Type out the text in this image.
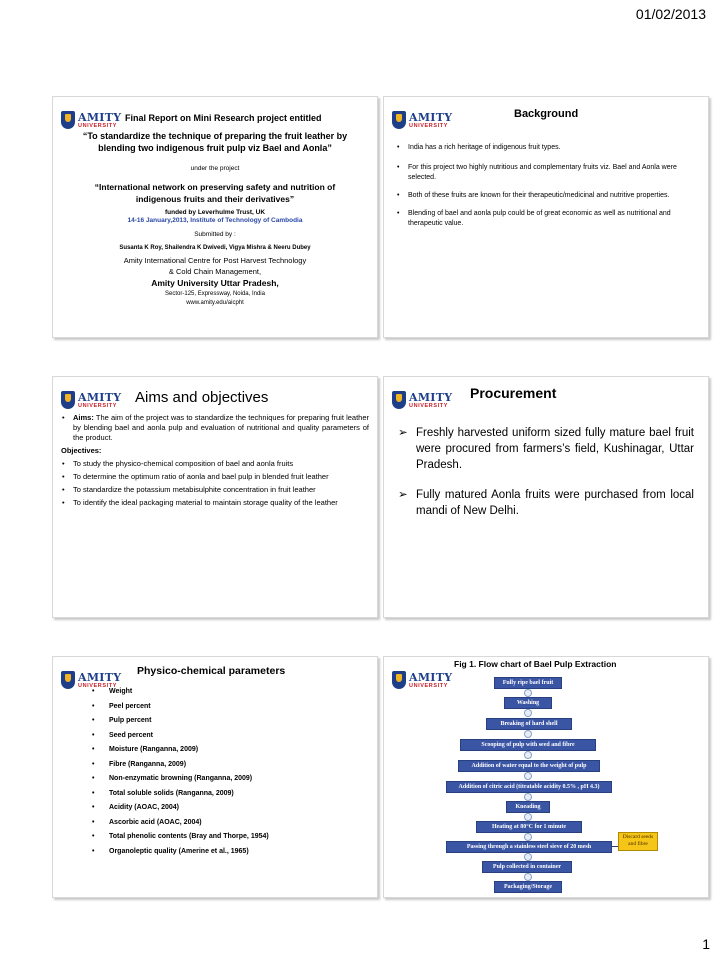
01/02/2013
AMITY
UNIVERSITY
Final Report on Mini Research project entitled
“To standardize the technique of preparing the fruit leather by blending two indigenous fruit pulp viz Bael and Aonla”
under the project
“International network on preserving safety and nutrition of indigenous fruits and their derivatives”
funded by Leverhulme Trust, UK
14-16 January,2013, Institute of Technology of Cambodia
Submitted by :
Susanta K Roy, Shailendra K Dwivedi, Vigya Mishra & Neeru Dubey
Amity International Centre for Post Harvest Technology
& Cold Chain Management,
Amity University Uttar Pradesh,
Sector-125, Expressway, Noida, India
www.amity.edu/aicpht
AMITY
UNIVERSITY
Background
• India has a rich heritage of indigenous fruit types.
• For this project two highly nutritious and complementary fruits viz. Bael and Aonla were selected.
• Both of these fruits are known for their therapeutic/medicinal and nutritive properties.
• Blending of bael and aonla pulp could be of great economic as well as nutritional and therapeutic value.
AMITY
UNIVERSITY Aims and objectives
• Aims: The aim of the project was to standardize the techniques for preparing fruit leather by blending bael and aonla pulp and evaluation of nutritional and quality parameters of the product.
Objectives:
• To study the physico-chemical composition of bael and aonla fruits
• To determine the optimum ratio of aonla and bael pulp in blended fruit leather
• To standardize the potassium metabisulphite concentration in fruit leather
• To identify the ideal packaging material to maintain storage quality of the leather
AMITY
UNIVERSITY
Procurement
➢ Freshly harvested uniform sized fully mature bael fruit were procured from farmers’s field, Kushinagar, Uttar Pradesh.
➢ Fully matured Aonla fruits were purchased from local mandi of New Delhi.
AMITY
UNIVERSITY
Physico-chemical parameters
• Weight
• Peel percent
• Pulp percent
• Seed percent
• Moisture (Ranganna, 2009)
• Fibre (Ranganna, 2009)
• Non-enzymatic browning (Ranganna, 2009)
• Total soluble solids (Ranganna, 2009)
• Acidity (AOAC, 2004)
• Ascorbic acid (AOAC, 2004)
• Total phenolic contents (Bray and Thorpe, 1954)
• Organoleptic quality (Amerine et al., 1965)
AMITY
UNIVERSITY
Fig 1. Flow chart of Bael Pulp Extraction
Fully ripe bael fruit
Washing
Breaking of hard shell
Scooping of pulp with seed and fibre
Addition of water equal to the weight of pulp
Addition of citric acid (titratable acidity 0.5% , pH 4.3)
Kneading
Heating at 80°C for 1 minute
Passing through a stainless steel sieve of 20 mesh
Discard seeds and fibre
Pulp collected in container
Packaging/Storage
1
